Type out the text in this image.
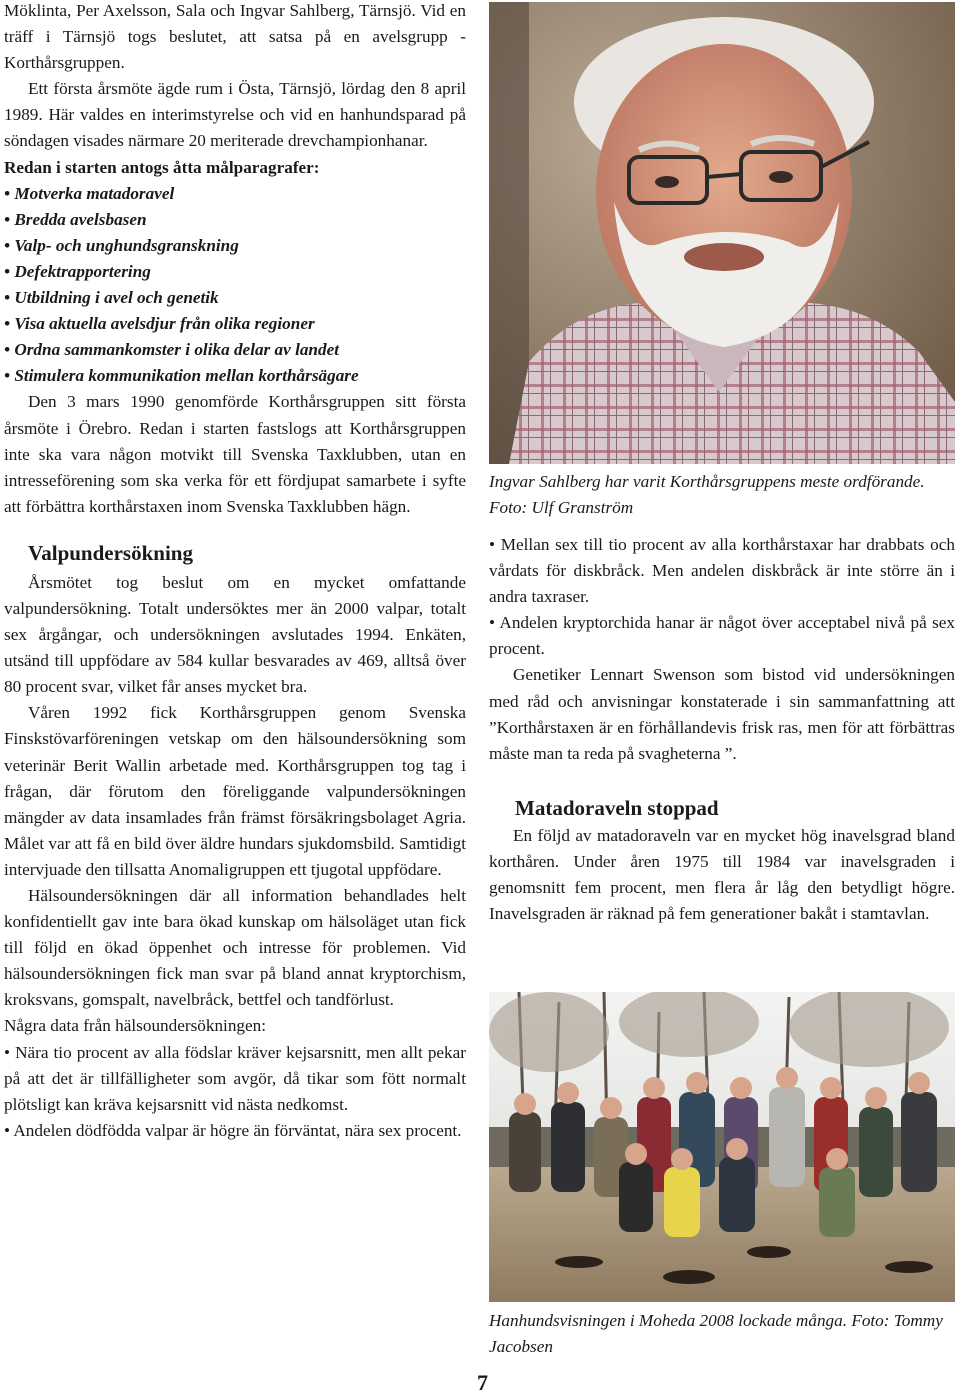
Möklinta, Per Axelsson, Sala och Ingvar Sahlberg, Tärnsjö. Vid en träff i Tärnsjö togs beslutet, att satsa på en avelsgrupp - Korthårsgruppen.

Ett första årsmöte ägde rum i Östa, Tärnsjö, lördag den 8 april 1989. Här valdes en interimstyrelse och vid en hanhundsparad på söndagen visades närmare 20 meriterade drevchampionhanar.

Redan i starten antogs åtta målparagrafer:

• Motverka matadoravel
• Bredda avelsbasen
• Valp- och unghundsgranskning
• Defektrapportering
• Utbildning i avel och genetik
• Visa aktuella avelsdjur från olika regioner
• Ordna sammankomster i olika delar av landet
• Stimulera kommunikation mellan korthårsägare

Den 3 mars 1990 genomförde Korthårsgruppen sitt första årsmöte i Örebro. Redan i starten fastslogs att Korthårsgruppen inte ska vara någon motvikt till Svenska Taxklubben, utan en intresseförening som ska verka för ett fördjupat samarbete i syfte att förbättra korthårstaxen inom Svenska Taxklubben hägn.

Valpundersökning

Årsmötet tog beslut om en mycket omfattande valpundersökning. Totalt undersöktes mer än 2000 valpar, totalt sex årgångar, och undersökningen avslutades 1994. Enkäten, utsänd till uppfödare av 584 kullar besvarades av 469, alltså över 80 procent svar, vilket får anses mycket bra.

Våren 1992 fick Korthårsgruppen genom Svenska Finskstövarföreningen vetskap om den hälsoundersökning som veterinär Berit Wallin arbetade med. Korthårsgruppen tog tag i frågan, där förutom den föreliggande valpundersökningen mängder av data insamlades från främst försäkringsbolaget Agria. Målet var att få en bild över äldre hundars sjukdomsbild. Samtidigt intervjuade den tillsatta Anomaligruppen ett tjugotal uppfödare.

Hälsoundersökningen där all information behandlades helt konfidentiellt gav inte bara ökad kunskap om hälsoläget utan fick till följd en ökad öppenhet och intresse för problemen. Vid hälsoundersökningen fick man svar på bland annat kryptorchism, kroksvans, gomspalt, navelbråck, bettfel och tandförlust.

Några data från hälsoundersökningen:

• Nära tio procent av alla födslar kräver kejsarsnitt, men allt pekar på att det är tillfälligheter som avgör, då tikar som fött normalt plötsligt kan kräva kejsarsnitt vid nästa nedkomst.

• Andelen dödfödda valpar är högre än förväntat, nära sex procent.

Ingvar Sahlberg har varit Korthårsgruppens meste ordförande. Foto: Ulf Granström

• Mellan sex till tio procent av alla korthårstaxar har drabbats och vårdats för diskbråck. Men andelen diskbråck är inte större än i andra taxraser.

• Andelen kryptorchida hanar är något över acceptabel nivå på sex procent.

Genetiker Lennart Swenson som bistod vid undersökningen med råd och anvisningar konstaterade i sin sammanfattning att ”Korthårstaxen är en förhållandevis frisk ras, men för att förbättras måste man ta reda på svagheterna ”.

Matadoraveln stoppad

En följd av matadoraveln var en mycket hög inavelsgrad bland korthåren. Under åren 1975 till 1984 var inavelsgraden i genomsnitt fem procent, men flera år låg den betydligt högre. Inavelsgraden är räknad på fem generationer bakåt i stamtavlan.

Hanhundsvisningen i Moheda 2008 lockade många. Foto: Tommy Jacobsen
7
